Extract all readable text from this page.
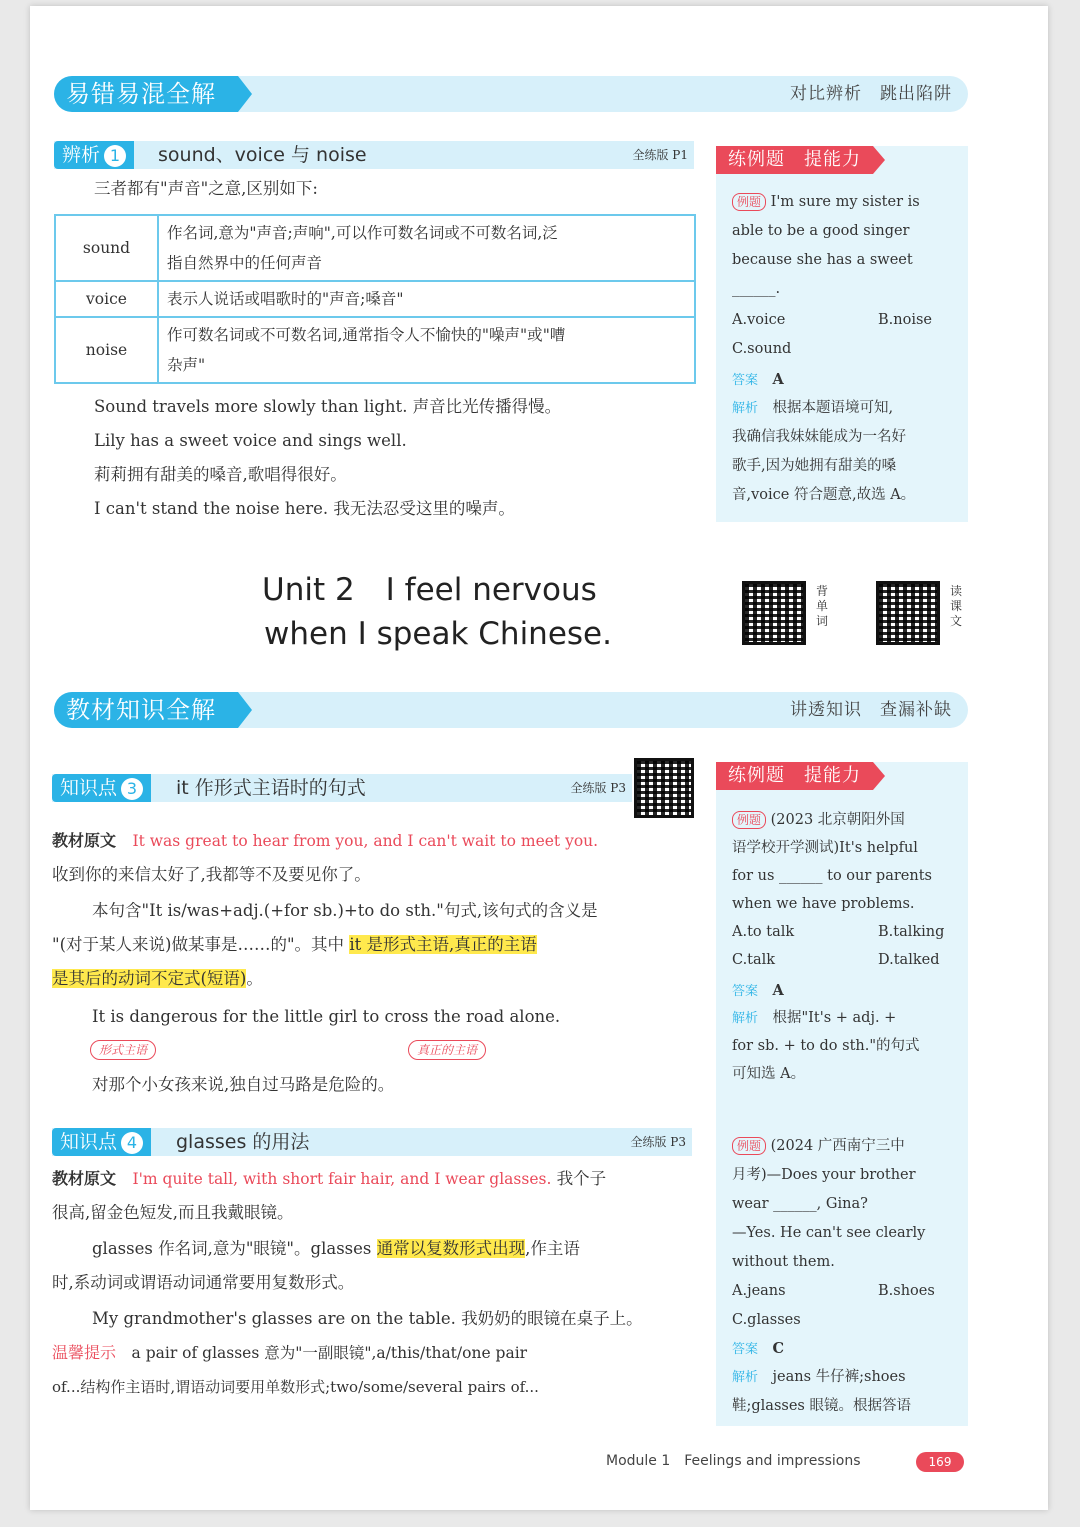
易错易混全解	对比辨析　跳出陷阱
辨析 1	sound、voice 与 noise	全练版 P1
三者都有"声音"之意,区别如下:
sound	作名词,意为"声音;声响",可以作可数名词或不可数名词,泛
指自然界中的任何声音

voice	表示人说话或唱歌时的"声音;嗓音"

noise	作可数名词或不可数名词,通常指令人不愉快的"噪声"或"嘈
杂声"
Sound travels more slowly than light. 声音比光传播得慢。
Lily has a sweet voice and sings well.
莉莉拥有甜美的嗓音,歌唱得很好。
I can't stand the noise here. 我无法忍受这里的噪声。
练例题　提能力
例题 I'm sure my sister is
able to be a good singer
because she has a sweet
______.
A.voice	B.noise
C.sound
答案　 A
解析　 根据本题语境可知,
我确信我妹妹能成为一名好
歌手,因为她拥有甜美的嗓
音,voice 符合题意,故选 A。
Unit 2　I feel nervous
when I speak Chinese.
背单词
读课文
教材知识全解	讲透知识　查漏补缺
知识点 3	it 作形式主语时的句式	全练版 P3
教材原文　 It was great to hear from you, and I can't wait to meet you.
收到你的来信太好了,我都等不及要见你了。
本句含"It is/was+adj.(+for sb.)+to do sth."句式,该句式的含义是
"(对于某人来说)做某事是……的"。其中 it 是形式主语,真正的主语
是其后的动词不定式(短语)。
It is dangerous for the little girl to cross the road alone.
形式主语	真正的主语
对那个小女孩来说,独自过马路是危险的。
知识点 4	glasses 的用法	全练版 P3
教材原文　 I'm quite tall, with short fair hair, and I wear glasses. 我个子
很高,留金色短发,而且我戴眼镜。
glasses 作名词,意为"眼镜"。glasses 通常以复数形式出现,作主语
时,系动词或谓语动词通常要用复数形式。
My grandmother's glasses are on the table. 我奶奶的眼镜在桌子上。
温馨提示　 a pair of glasses 意为"一副眼镜",a/this/that/one pair
of...结构作主语时,谓语动词要用单数形式;two/some/several pairs of...
练例题　提能力
例题 (2023 北京朝阳外国
语学校开学测试)It's helpful
for us ______ to our parents
when we have problems.
A.to talk	B.talking
C.talk	D.talked
答案　 A
解析　 根据"It's + adj. +
for sb. + to do sth."的句式
可知选 A。
例题 (2024 广西南宁三中
月考)—Does your brother
wear ______, Gina?
—Yes. He can't see clearly
without them.
A.jeans	B.shoes
C.glasses
答案　 C
解析　 jeans 牛仔裤;shoes
鞋;glasses 眼镜。根据答语
Module 1　Feelings and impressions	169
